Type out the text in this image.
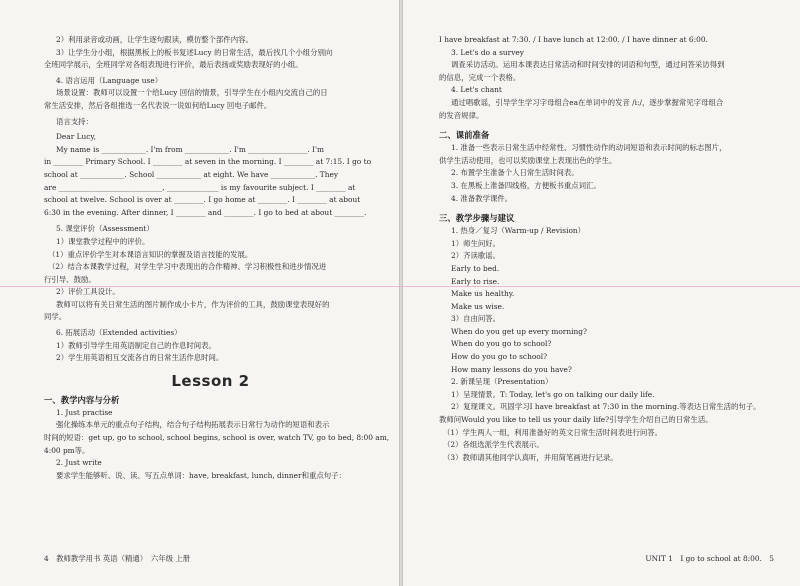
2）利用录音或动画，让学生逐句跟读，模仿整个部件内容。
3）让学生分小组，根据黑板上的板书复述Lucy 的日常生活，最后找几个小组分别向
全班同学展示，全班同学对各组表现进行评价，最后表扬或奖励表现好的小组。
4. 语言运用（Language use）
场景设置：教师可以设置一个给Lucy 回信的情景，引导学生在小组内交流自己的日
常生活安排，然后各组推选一名代表说一说如何给Lucy 回电子邮件。
语言支持：
Dear Lucy,
My name is ____________. I'm from ____________. I'm ________________. I'm
in ________ Primary School. I ________ at seven in the morning. I ________ at 7:15. I go to
school at ____________. School ____________ at eight. We have ____________. They
are ____________________________, ______________ is my favourite subject. I ________ at
school at twelve. School is over at ________. I go home at ________. I ________ at about
6:30 in the evening. After dinner, I ________ and ________. I go to bed at about ________.
5. 课堂评价（Assessment）
1）课堂教学过程中的评价。
（1）重点评价学生对本课语言知识的掌握及语言技能的发展。
（2）结合本课教学过程，对学生学习中表现出的合作精神、学习积极性和进步情况进
行引导、鼓励。
2）评价工具设计。
教师可以将有关日常生活的图片制作成小卡片，作为评价的工具，鼓励课堂表现好的
同学。
6. 拓展活动（Extended activities）
1）教师引导学生用英语制定自己的作息时间表。
2）学生用英语相互交流各自的日常生活作息时间。
Lesson 2
一、教学内容与分析
1. Just practise
强化操练本单元的重点句子结构，结合句子结构拓展表示日常行为动作的短语和表示
时间的短语：get up, go to school, school begins, school is over, watch TV, go to bed, 8:00 am,
4:00 pm等。
2. Just write
要求学生能够听、说、读、写五点单词：have, breakfast, lunch, dinner和重点句子：
4　教师教学用书 英语（精通）　六年级 上册
I have breakfast at 7:30. / I have lunch at 12:00. / I have dinner at 6:00.
3. Let's do a survey
调查采访活动。运用本课表达日常活动和时间安排的词语和句型，通过问答采访得到
的信息，完成一个表格。
4. Let's chant
通过唱歌谣，引导学生学习字母组合ea在单词中的发音 /i:/，逐步掌握常见字母组合
的发音规律。
二、课前准备
1. 准备一些表示日常生活中经常性、习惯性动作的动词短语和表示时间的标志图片，
供学生活动使用，也可以奖励课堂上表现出色的学生。
2. 布置学生准备个人日常生活时间表。
3. 在黑板上准备四线格，方便板书重点词汇。
4. 准备教学课件。
三、教学步骤与建议
1. 热身／复习（Warm-up / Revision）
1）师生问好。
2）齐读歌谣。
Early to bed.
Early to rise.
Make us healthy.
Make us wise.
3）自由问答。
When do you get up every morning?
When do you go to school?
How do you go to school?
How many lessons do you have?
2. 新课呈现（Presentation）
1）呈现情景。T: Today, let's go on talking our daily life.
2）复现课文。巩固学习I have breakfast at 7:30 in the morning.等表达日常生活的句子。
教师问Would you like to tell us your daily life?引导学生介绍自己的日常生活。
（1）学生两人一组，利用准备好的英文日常生活时间表进行问答。
（2）各组选派学生代表展示。
（3）教师请其他同学认真听，并用简笔画进行记录。
UNIT 1　I go to school at 8:00.　5
